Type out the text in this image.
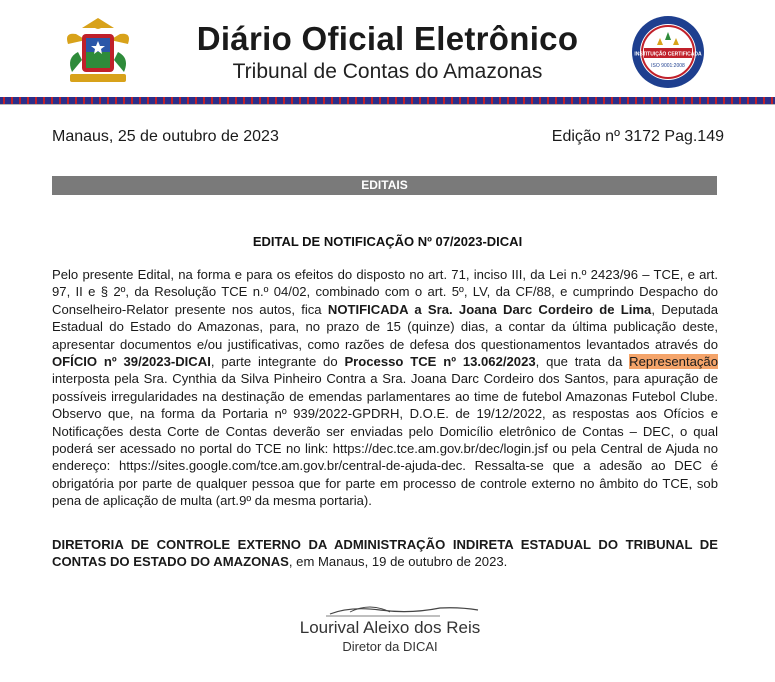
Diário Oficial Eletrônico
Tribunal de Contas do Amazonas
INSTITUIÇÃO CERTIFICADA
ISO 9001:2008
Manaus, 25 de outubro de 2023	Edição nº 3172 Pag.149
EDITAIS
EDITAL DE NOTIFICAÇÃO Nº 07/2023-DICAI
Pelo presente Edital, na forma e para os efeitos do disposto no art. 71, inciso III, da Lei n.º 2423/96 – TCE, e art. 97, II e § 2º, da Resolução TCE n.º 04/02, combinado com o art. 5º, LV, da CF/88, e cumprindo Despacho do Conselheiro-Relator presente nos autos, fica NOTIFICADA a Sra. Joana Darc Cordeiro de Lima, Deputada Estadual do Estado do Amazonas, para, no prazo de 15 (quinze) dias, a contar da última publicação deste, apresentar documentos e/ou justificativas, como razões de defesa dos questionamentos levantados através do OFÍCIO nº 39/2023-DICAI, parte integrante do Processo TCE nº 13.062/2023, que trata da Representação interposta pela Sra. Cynthia da Silva Pinheiro Contra a Sra. Joana Darc Cordeiro dos Santos, para apuração de possíveis irregularidades na destinação de emendas parlamentares ao time de futebol Amazonas Futebol Clube. Observo que, na forma da Portaria nº 939/2022-GPDRH, D.O.E. de 19/12/2022, as respostas aos Ofícios e Notificações desta Corte de Contas deverão ser enviadas pelo Domicílio eletrônico de Contas – DEC, o qual poderá ser acessado no portal do TCE no link: https://dec.tce.am.gov.br/dec/login.jsf ou pela Central de Ajuda no endereço: https://sites.google.com/tce.am.gov.br/central-de-ajuda-dec. Ressalta-se que a adesão ao DEC é obrigatória por parte de qualquer pessoa que for parte em processo de controle externo no âmbito do TCE, sob pena de aplicação de multa (art.9º da mesma portaria).
DIRETORIA DE CONTROLE EXTERNO DA ADMINISTRAÇÃO INDIRETA ESTADUAL DO TRIBUNAL DE CONTAS DO ESTADO DO AMAZONAS, em Manaus, 19 de outubro de 2023.
Lourival Aleixo dos Reis
Diretor da DICAI
